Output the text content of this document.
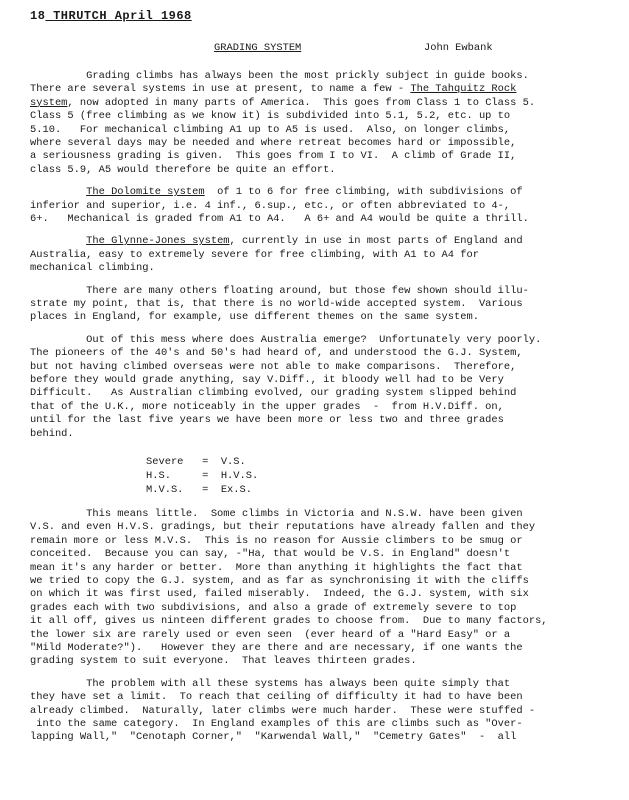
18 THRUTCH April 1968
GRADING SYSTEM	John Ewbank
Grading climbs has always been the most prickly subject in guide books.
There are several systems in use at present, to name a few - The Tahquitz Rock
system, now adopted in many parts of America.  This goes from Class 1 to Class 5.
Class 5 (free climbing as we know it) is subdivided into 5.1, 5.2, etc. up to
5.10.   For mechanical climbing A1 up to A5 is used.  Also, on longer climbs,
where several days may be needed and where retreat becomes hard or impossible,
a seriousness grading is given.  This goes from I to VI.  A climb of Grade II,
class 5.9, A5 would therefore be quite an effort.
The Dolomite system  of 1 to 6 for free climbing, with subdivisions of
inferior and superior, i.e. 4 inf., 6.sup., etc., or often abbreviated to 4-,
6+.   Mechanical is graded from A1 to A4.   A 6+ and A4 would be quite a thrill.
The Glynne-Jones system, currently in use in most parts of England and
Australia, easy to extremely severe for free climbing, with A1 to A4 for
mechanical climbing.
There are many others floating around, but those few shown should illu-
strate my point, that is, that there is no world-wide accepted system.  Various
places in England, for example, use different themes on the same system.
Out of this mess where does Australia emerge?  Unfortunately very poorly.
The pioneers of the 40's and 50's had heard of, and understood the G.J. System,
but not having climbed overseas were not able to make comparisons.  Therefore,
before they would grade anything, say V.Diff., it bloody well had to be Very
Difficult.   As Australian climbing evolved, our grading system slipped behind
that of the U.K., more noticeably in the upper grades  -  from H.V.Diff. on,
until for the last five years we have been more or less two and three grades
behind.
Severe   =  V.S.
H.S.     =  H.V.S.
M.V.S.   =  Ex.S.
This means little.  Some climbs in Victoria and N.S.W. have been given
V.S. and even H.V.S. gradings, but their reputations have already fallen and they
remain more or less M.V.S.  This is no reason for Aussie climbers to be smug or
conceited.  Because you can say, -"Ha, that would be V.S. in England" doesn't
mean it's any harder or better.  More than anything it highlights the fact that
we tried to copy the G.J. system, and as far as synchronising it with the cliffs
on which it was first used, failed miserably.  Indeed, the G.J. system, with six
grades each with two subdivisions, and also a grade of extremely severe to top
it all off, gives us ninteen different grades to choose from.  Due to many factors,
the lower six are rarely used or even seen  (ever heard of a "Hard Easy" or a
"Mild Moderate?").   However they are there and are necessary, if one wants the
grading system to suit everyone.  That leaves thirteen grades.
The problem with all these systems has always been quite simply that
they have set a limit.  To reach that ceiling of difficulty it had to have been
already climbed.  Naturally, later climbs were much harder.  These were stuffed -
into the same category.  In England examples of this are climbs such as "Over-
lapping Wall,"  "Cenotaph Corner,"  "Karwendal Wall,"  "Cemetry Gates"  -  all
